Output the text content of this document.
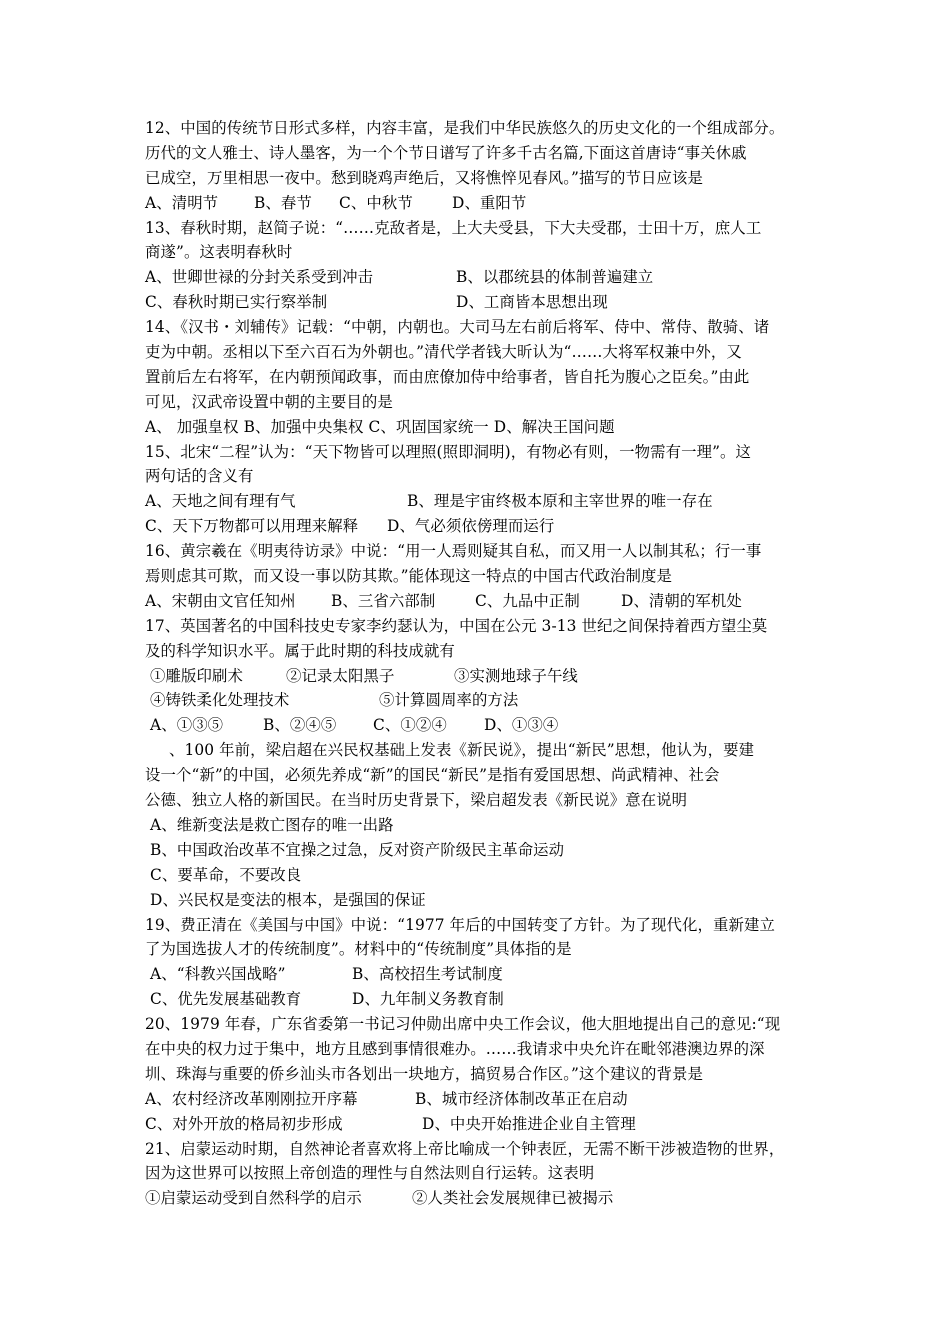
12、中国的传统节日形式多样，内容丰富，是我们中华民族悠久的历史文化的一个组成部分。
历代的文人雅士、诗人墨客，为一个个节日谱写了许多千古名篇,下面这首唐诗“事关休戚
已成空，万里相思一夜中。愁到晓鸡声绝后，又将憔悴见春风。”描写的节日应该是
A、清明节 B、春节 C、中秋节	D、重阳节
13、春秋时期，赵简子说：“……克敌者是，上大夫受县，下大夫受郡，士田十万，庶人工
商遂”。这表明春秋时
A、世卿世禄的分封关系受到冲击	B、以郡统县的体制普遍建立
C、春秋时期已实行察举制	D、工商皆本思想出现
14、《汉书・刘辅传》记载：“中朝，内朝也。大司马左右前后将军、侍中、常侍、散骑、诸
吏为中朝。丞相以下至六百石为外朝也。”清代学者钱大昕认为“……大将军权兼中外，又
置前后左右将军，在内朝预闻政事，而由庶僚加侍中给事者，皆自托为腹心之臣矣。”由此
可见，汉武帝设置中朝的主要目的是
A、 加强皇权 B、加强中央集权 C、巩固国家统一 D、解决王国问题
15、北宋“二程”认为：“天下物皆可以理照(照即洞明)，有物必有则，一物需有一理”。这
两句话的含义有
A、天地之间有理有气	B、理是宇宙终极本原和主宰世界的唯一存在
C、天下万物都可以用理来解释 D、气必须依傍理而运行
16、黄宗羲在《明夷待访录》中说：“用一人焉则疑其自私，而又用一人以制其私；行一事
焉则虑其可欺，而又设一事以防其欺。”能体现这一特点的中国古代政治制度是
A、宋朝由文官任知州 B、三省六部制	C、九品中正制	D、清朝的军机处
17、英国著名的中国科技史专家李约瑟认为，中国在公元 3-13 世纪之间保持着西方望尘莫
及的科学知识水平。属于此时期的科技成就有
①雕版印刷术	②记录太阳黑子	③实测地球子午线
④铸铁柔化处理技术	⑤计算圆周率的方法
A、①③⑤	B、②④⑤ C、①②④ D、①③④
、100 年前，梁启超在兴民权基础上发表《新民说》，提出“新民”思想，他认为，要建
设一个“新”的中国，必须先养成“新”的国民“新民”是指有爱国思想、尚武精神、社会
公德、独立人格的新国民。在当时历史背景下，梁启超发表《新民说》意在说明
A、维新变法是救亡图存的唯一出路
B、中国政治改革不宜操之过急，反对资产阶级民主革命运动
C、要革命，不要改良
D、兴民权是变法的根本，是强国的保证
19、费正清在《美国与中国》中说：“1977 年后的中国转变了方针。为了现代化，重新建立
了为国选拔人才的传统制度”。材料中的“传统制度”具体指的是
A、“科教兴国战略”	B、高校招生考试制度
C、优先发展基础教育	D、九年制义务教育制
20、1979 年春，广东省委第一书记习仲勋出席中央工作会议，他大胆地提出自己的意见:“现
在中央的权力过于集中，地方且感到事情很难办。……我请求中央允许在毗邻港澳边界的深
圳、珠海与重要的侨乡汕头市各划出一块地方，搞贸易合作区。”这个建议的背景是
A、农村经济改革刚刚拉开序幕	B、城市经济体制改革正在启动
C、对外开放的格局初步形成	D、中央开始推进企业自主管理
21、启蒙运动时期，自然神论者喜欢将上帝比喻成一个钟表匠，无需不断干涉被造物的世界，
因为这世界可以按照上帝创造的理性与自然法则自行运转。这表明
①启蒙运动受到自然科学的启示	②人类社会发展规律已被揭示
